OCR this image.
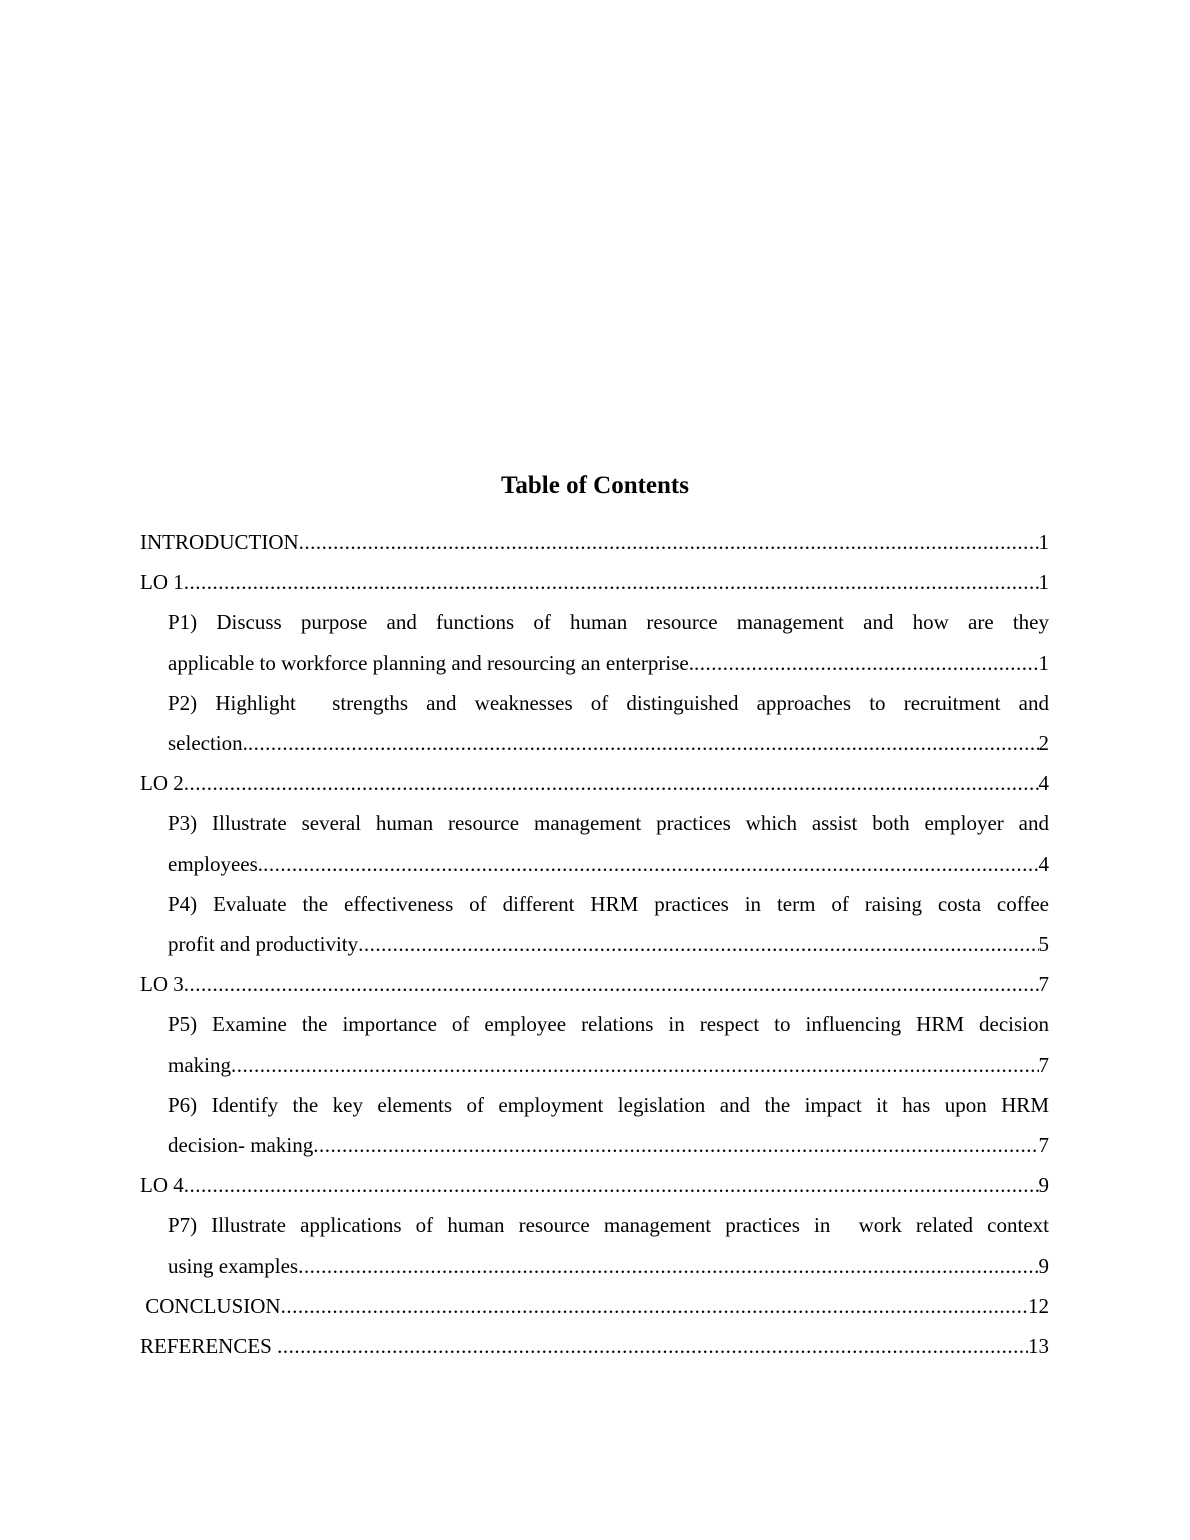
Table of Contents
INTRODUCTION .....	1
LO 1 .....	1
P1) Discuss purpose and functions of human resource management and how are they
applicable to workforce planning and resourcing an enterprise. .....	1
P2) Highlight  strengths and weaknesses of distinguished approaches to recruitment and
selection. .....	2
LO 2 .....	4
P3) Illustrate several human resource management practices which assist both employer and
employees. .....	4
P4) Evaluate the effectiveness of different HRM practices in term of raising costa coffee
profit and productivity .....	5
LO 3 .....	7
P5) Examine the importance of employee relations in respect to influencing HRM decision
making .....	7
P6) Identify the key elements of employment legislation and the impact it has upon HRM
decision- making .....	7
LO 4 .....	9
P7) Illustrate applications of human resource management practices in  work related context
using examples .....	9
CONCLUSION .....	12
REFERENCES .....	13
